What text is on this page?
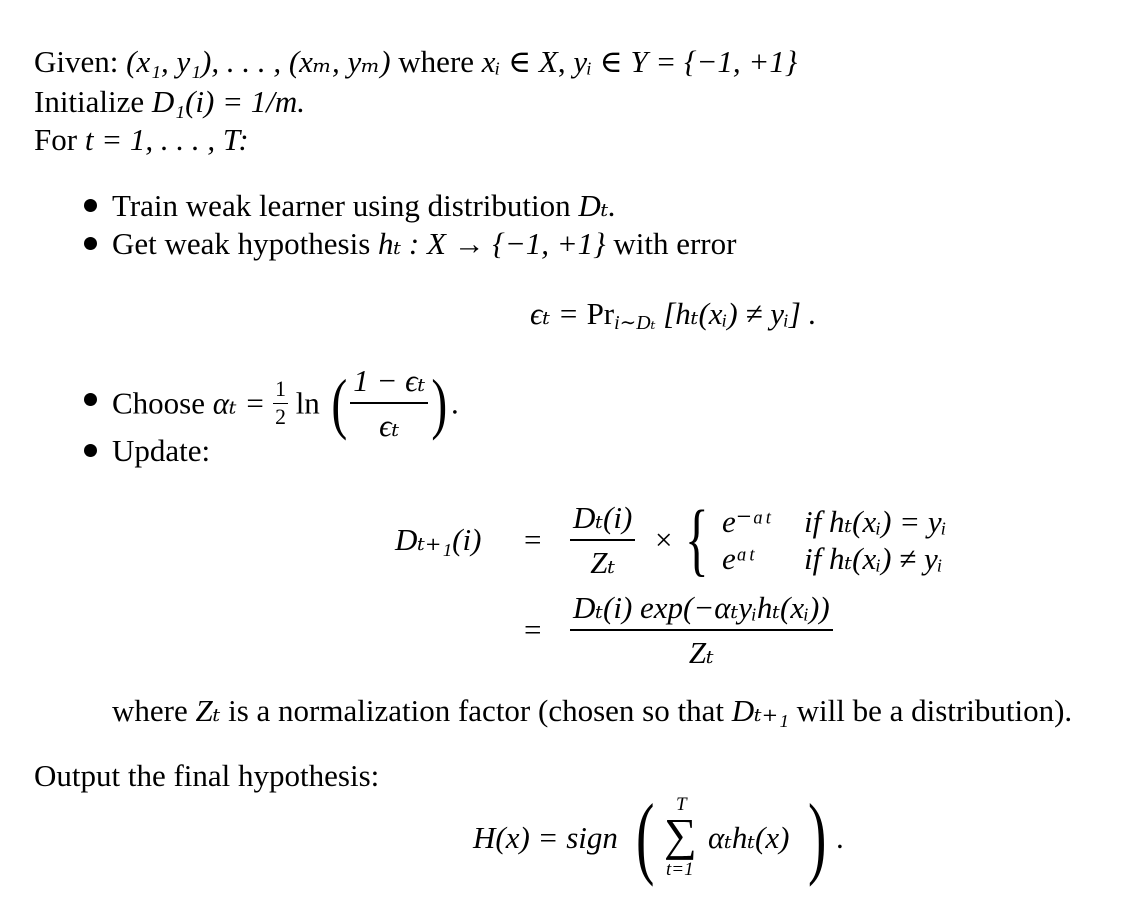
Given: (x₁, y₁), . . . , (xₘ, yₘ) where xᵢ ∈ X, yᵢ ∈ Y = {−1, +1}
Initialize D₁(i) = 1/m.
For t = 1, . . . , T:
Train weak learner using distribution Dₜ.
Get weak hypothesis hₜ : X → {−1, +1} with error
$\epsilon_t = Pr_{i\sim D_t}$ [hₜ(xᵢ) ≠ yᵢ] .
Choose $\alpha_t = \frac{1}{2}$ ln ( $\frac{\text{1 − ϵₜ}}{\text{ϵₜ}}$ ) .
Update:
$D_{t+1}(i) = \frac{\text{Dₜ(i)}}{\text{Zₜ}}$ × { e⁻ᵅᵗ if hₜ(xᵢ) = yᵢ
eᵅᵗ if hₜ(xᵢ) ≠ yᵢ
=
Dₜ(i) exp(−αₜyᵢhₜ(xᵢ))
Zₜ
where Zₜ is a normalization factor (chosen so that Dₜ₊₁ will be a distribution).
Output the final hypothesis:
H(x) = sign ( T
∑
t=1
αₜhₜ(x) ) .
